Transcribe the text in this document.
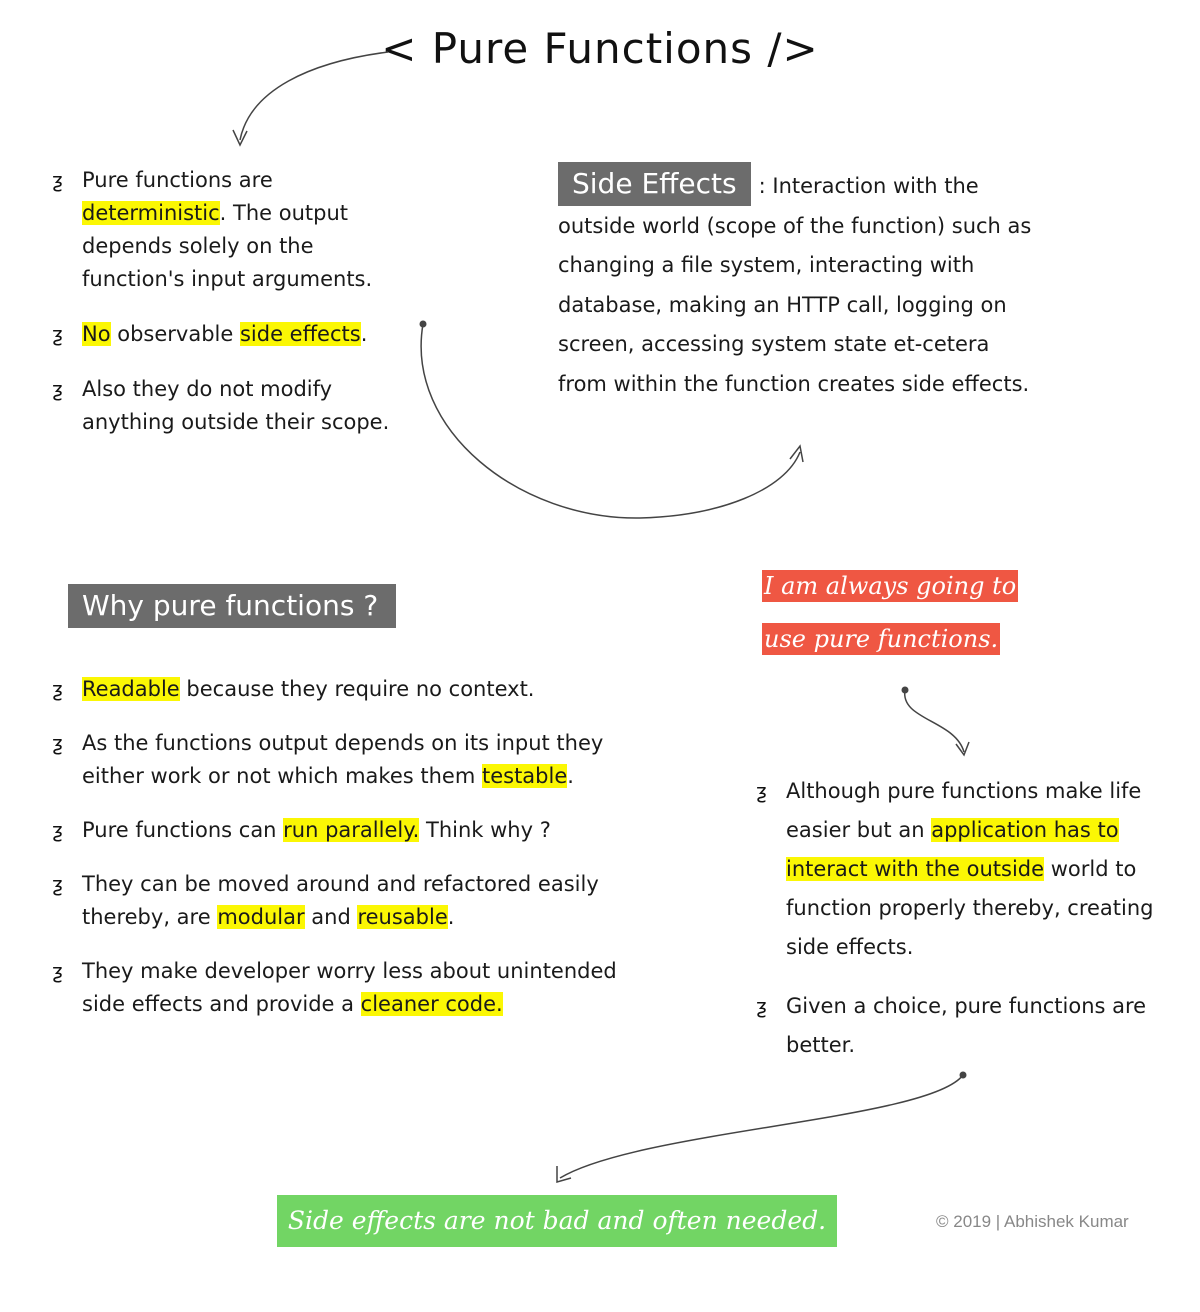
< Pure Functions />
ƺ Pure functions are deterministic. The output depends solely on the function's input arguments.
ƺ No observable side effects.
ƺ Also they do not modify anything outside their scope.
Side Effects : Interaction with the outside world (scope of the function) such as changing a file system, interacting with database, making an HTTP call, logging on screen, accessing system state et-cetera from within the function creates side effects.
Why pure functions ?
ƺ Readable because they require no context.
ƺ As the functions output depends on its input they either work or not which makes them testable.
ƺ Pure functions can run parallely. Think why ?
ƺ They can be moved around and refactored easily thereby, are modular and reusable.
ƺ They make developer worry less about unintended side effects and provide a cleaner code.
I am always going to use pure functions.
ƺ Although pure functions make life easier but an application has to interact with the outside world to function properly thereby, creating side effects.
ƺ Given a choice, pure functions are better.
Side effects are not bad and often needed.	© 2019 | Abhishek Kumar
